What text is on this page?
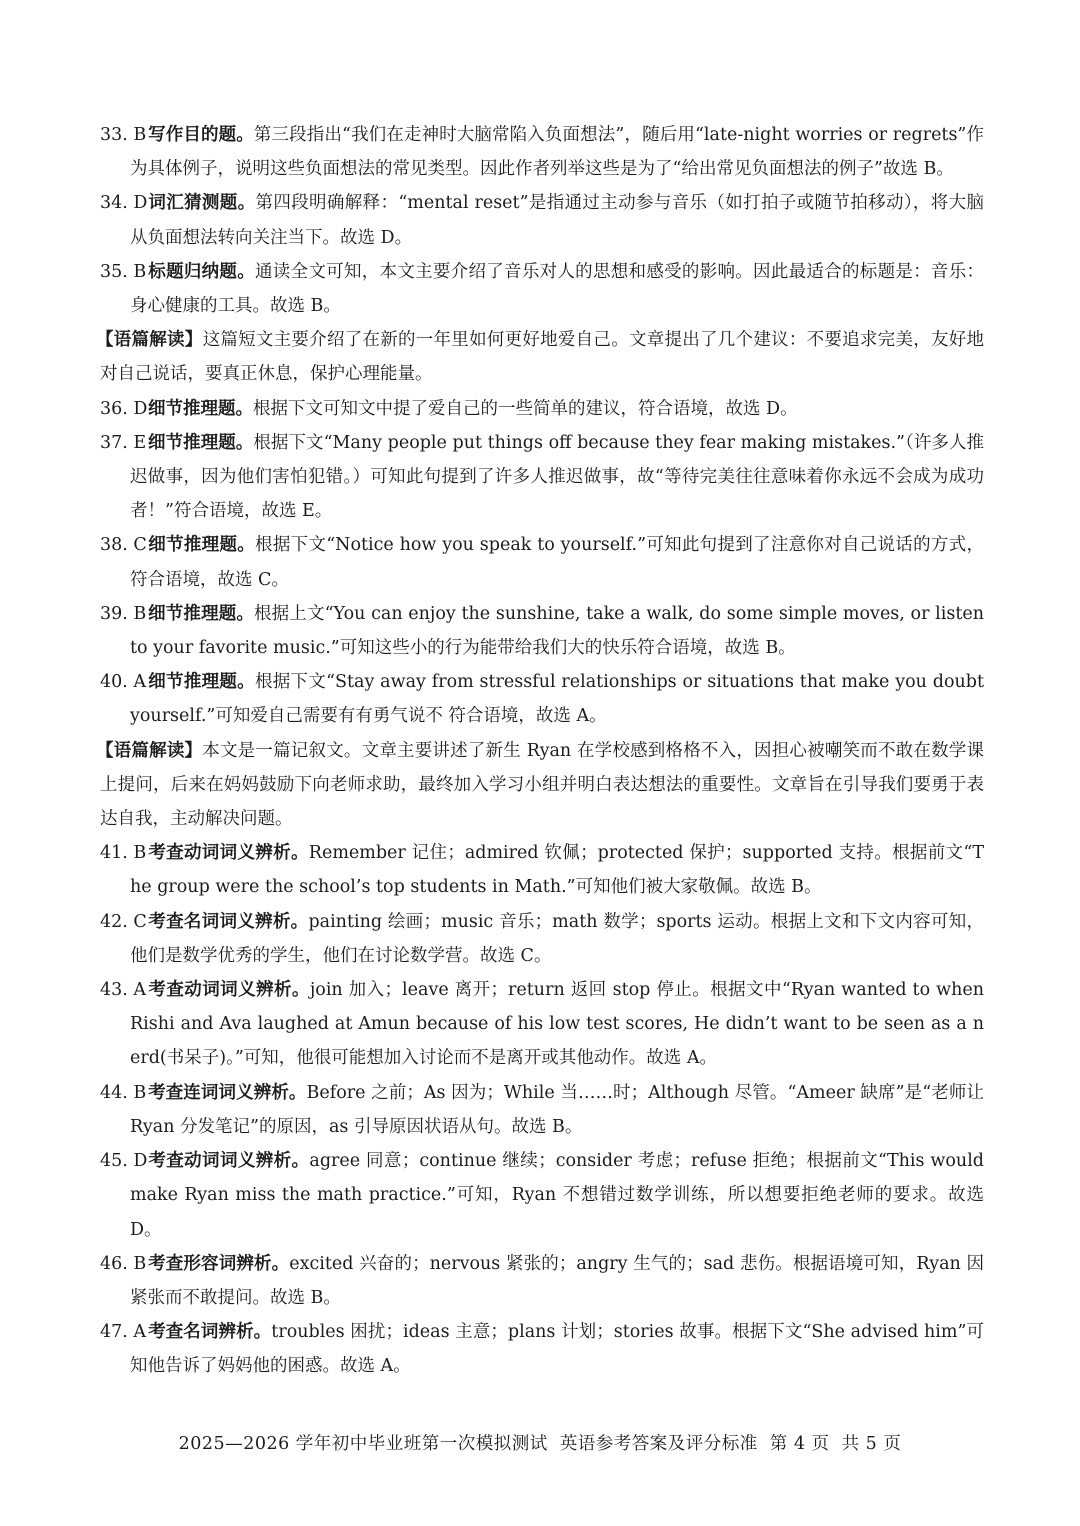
33. B写作目的题。第三段指出“我们在走神时大脑常陷入负面想法”，随后用“late-night worries or regrets”作为具体例子，说明这些负面想法的常见类型。因此作者列举这些是为了“给出常见负面想法的例子”故选 B。

34. D词汇猜测题。第四段明确解释：“mental reset”是指通过主动参与音乐（如打拍子或随节拍移动），将大脑从负面想法转向关注当下。故选 D。

35. B标题归纳题。通读全文可知，本文主要介绍了音乐对人的思想和感受的影响。因此最适合的标题是：音乐：身心健康的工具。故选 B。

【语篇解读】这篇短文主要介绍了在新的一年里如何更好地爱自己。文章提出了几个建议：不要追求完美，友好地对自己说话，要真正休息，保护心理能量。

36. D细节推理题。根据下文可知文中提了爱自己的一些简单的建议，符合语境，故选 D。

37. E 细节推理题。根据下文“Many people put things off because they fear making mistakes.”（许多人推迟做事，因为他们害怕犯错。）可知此句提到了许多人推迟做事，故“等待完美往往意味着你永远不会成为成功者！”符合语境，故选 E。

38. C细节推理题。根据下文“Notice how you speak to yourself.”可知此句提到了注意你对自己说话的方式，符合语境，故选 C。

39. B细节推理题。根据上文“You can enjoy the sunshine, take a walk, do some simple moves, or listen to your favorite music.”可知这些小的行为能带给我们大的快乐符合语境，故选 B。

40. A 细节推理题。根据下文“Stay away from stressful relationships or situations that make you doubt yourself.”可知爱自己需要有有勇气说不 符合语境，故选 A。

【语篇解读】本文是一篇记叙文。文章主要讲述了新生 Ryan 在学校感到格格不入，因担心被嘲笑而不敢在数学课上提问，后来在妈妈鼓励下向老师求助，最终加入学习小组并明白表达想法的重要性。文章旨在引导我们要勇于表达自我，主动解决问题。

41. B考查动词词义辨析。Remember 记住；admired 钦佩；protected 保护；supported 支持。根据前文“The group were the school’s top students in Math.”可知他们被大家敬佩。故选 B。

42. C考查名词词义辨析。painting 绘画；music 音乐；math 数学；sports 运动。根据上文和下文内容可知，他们是数学优秀的学生，他们在讨论数学营。故选 C。

43. A 考查动词词义辨析。join 加入；leave 离开；return 返回 stop 停止。根据文中“Ryan wanted to when Rishi and Ava laughed at Amun because of his low test scores, He didn’t want to be seen as a nerd(书呆子)。”可知，他很可能想加入讨论而不是离开或其他动作。故选 A。

44. B考查连词词义辨析。Before 之前；As 因为；While 当……时；Although 尽管。“Ameer 缺席”是“老师让 Ryan 分发笔记”的原因，as 引导原因状语从句。故选 B。

45. D考查动词词义辨析。agree 同意；continue 继续；consider 考虑；refuse 拒绝；根据前文“This would make Ryan miss the math practice.”可知，Ryan 不想错过数学训练，所以想要拒绝老师的要求。故选 D。

46. B考查形容词辨析。excited 兴奋的；nervous 紧张的；angry 生气的；sad 悲伤。根据语境可知，Ryan 因紧张而不敢提问。故选 B。

47. A 考查名词辨析。troubles 困扰；ideas 主意；plans 计划；stories 故事。根据下文“She advised him”可知他告诉了妈妈他的困惑。故选 A。

2025—2026 学年初中毕业班第一次模拟测试 英语参考答案及评分标准 第 4 页 共 5 页
